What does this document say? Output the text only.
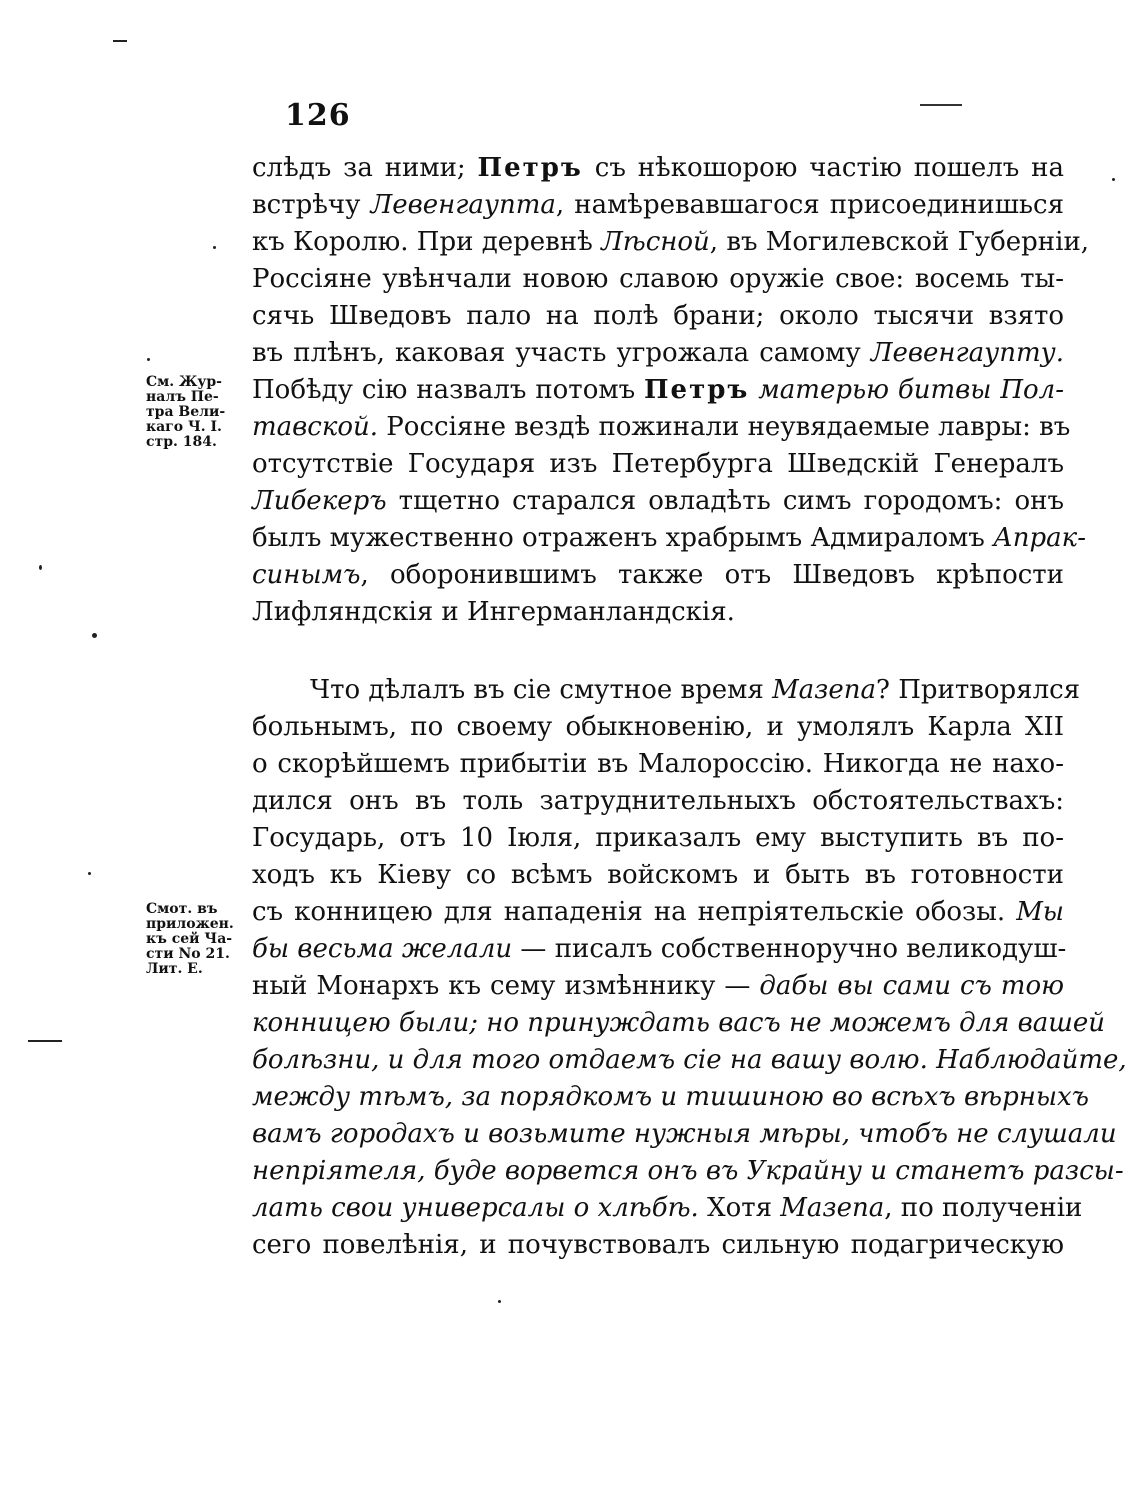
126
слѣдъ за ними; Петръ съ нѣкошорою частію пошелъ на
встрѣчу Левенгаупта, намѣревавшагося присоединишься
къ Королю. При деревнѣ Лѣсной, въ Могилевской Губерніи,
Россіяне увѣнчали новою славою оружіе свое: восемь ты-
сячь Шведовъ пало на полѣ брани; около тысячи взято
въ плѣнъ, каковая участь угрожала самому Левенгаупту.
Побѣду сію назвалъ потомъ Петръ матерью битвы Пол-
тавской. Россіяне вездѣ пожинали неувядаемые лавры: въ
отсутствіе Государя изъ Петербурга Шведскій Генералъ
Либекеръ тщетно старался овладѣть симъ городомъ: онъ
былъ мужественно отраженъ храбрымъ Адмираломъ Апрак-
синымъ, оборонившимъ также отъ Шведовъ крѣпости
Лифляндскія и Ингерманландскія.
Что дѣлалъ въ сіе смутное время Мазепа? Притворялся
больнымъ, по своему обыкновенію, и умолялъ Карла XII
о скорѣйшемъ прибытіи въ Малороссію. Никогда не нахо-
дился онъ въ толь затруднительныхъ обстоятельствахъ:
Государь, отъ 10 Іюля, приказалъ ему выступить въ по-
ходъ къ Кіеву со всѣмъ войскомъ и быть въ готовности
съ конницею для нападенія на непріятельскіе обозы. Мы
бы весьма желали — писалъ собственноручно великодуш-
ный Монархъ къ сему измѣннику — дабы вы сами съ тою
конницею были; но принуждать васъ не можемъ для вашей
болѣзни, и для того отдаемъ сіе на вашу волю. Наблюдайте,
между тѣмъ, за порядкомъ и тишиною во всѣхъ вѣрныхъ
вамъ городахъ и возьмите нужныя мѣры, чтобъ не слушали
непріятеля, буде ворвется онъ въ Украйну и станетъ разсы-
лать свои универсалы о хлѣбѣ. Хотя Мазепа, по полученіи
сего повелѣнія, и почувствовалъ сильную подагрическую
См. Жур-
налъ Пе-
тра Вели-
каго Ч. I.
стр. 184.
Смот. въ
приложен.
къ сей Ча-
сти No 21.
Лит. Е.
